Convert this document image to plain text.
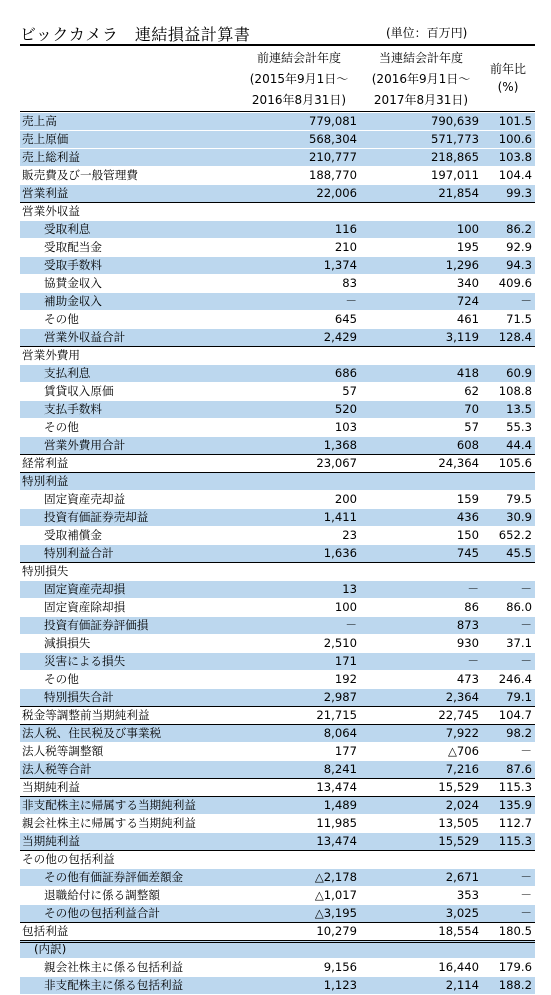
ビックカメラ　連結損益計算書	(単位：百万円)
前連結会計年度
(2015年9月1日～
2016年8月31日)
当連結会計年度
(2016年9月1日～
2017年8月31日)
前年比
(%)
売上高	779,081	790,639	101.5
売上原価	568,304	571,773	100.6
売上総利益	210,777	218,865	103.8
販売費及び一般管理費	188,770	197,011	104.4
営業利益	22,006	21,854	99.3
営業外収益			
受取利息	116	100	86.2
受取配当金	210	195	92.9
受取手数料	1,374	1,296	94.3
協賛金収入	83	340	409.6
補助金収入	－	724	－
その他	645	461	71.5
営業外収益合計	2,429	3,119	128.4
営業外費用			
支払利息	686	418	60.9
賃貸収入原価	57	62	108.8
支払手数料	520	70	13.5
その他	103	57	55.3
営業外費用合計	1,368	608	44.4
経常利益	23,067	24,364	105.6
特別利益			
固定資産売却益	200	159	79.5
投資有価証券売却益	1,411	436	30.9
受取補償金	23	150	652.2
特別利益合計	1,636	745	45.5
特別損失			
固定資産売却損	13	－	－
固定資産除却損	100	86	86.0
投資有価証券評価損	－	873	－
減損損失	2,510	930	37.1
災害による損失	171	－	－
その他	192	473	246.4
特別損失合計	2,987	2,364	79.1
税金等調整前当期純利益	21,715	22,745	104.7
法人税、住民税及び事業税	8,064	7,922	98.2
法人税等調整額	177	△706	－
法人税等合計	8,241	7,216	87.6
当期純利益	13,474	15,529	115.3
非支配株主に帰属する当期純利益	1,489	2,024	135.9
親会社株主に帰属する当期純利益	11,985	13,505	112.7
当期純利益	13,474	15,529	115.3
その他の包括利益			
その他有価証券評価差額金	△2,178	2,671	－
退職給付に係る調整額	△1,017	353	－
その他の包括利益合計	△3,195	3,025	－
包括利益	10,279	18,554	180.5
(内訳)			
親会社株主に係る包括利益	9,156	16,440	179.6
非支配株主に係る包括利益	1,123	2,114	188.2
